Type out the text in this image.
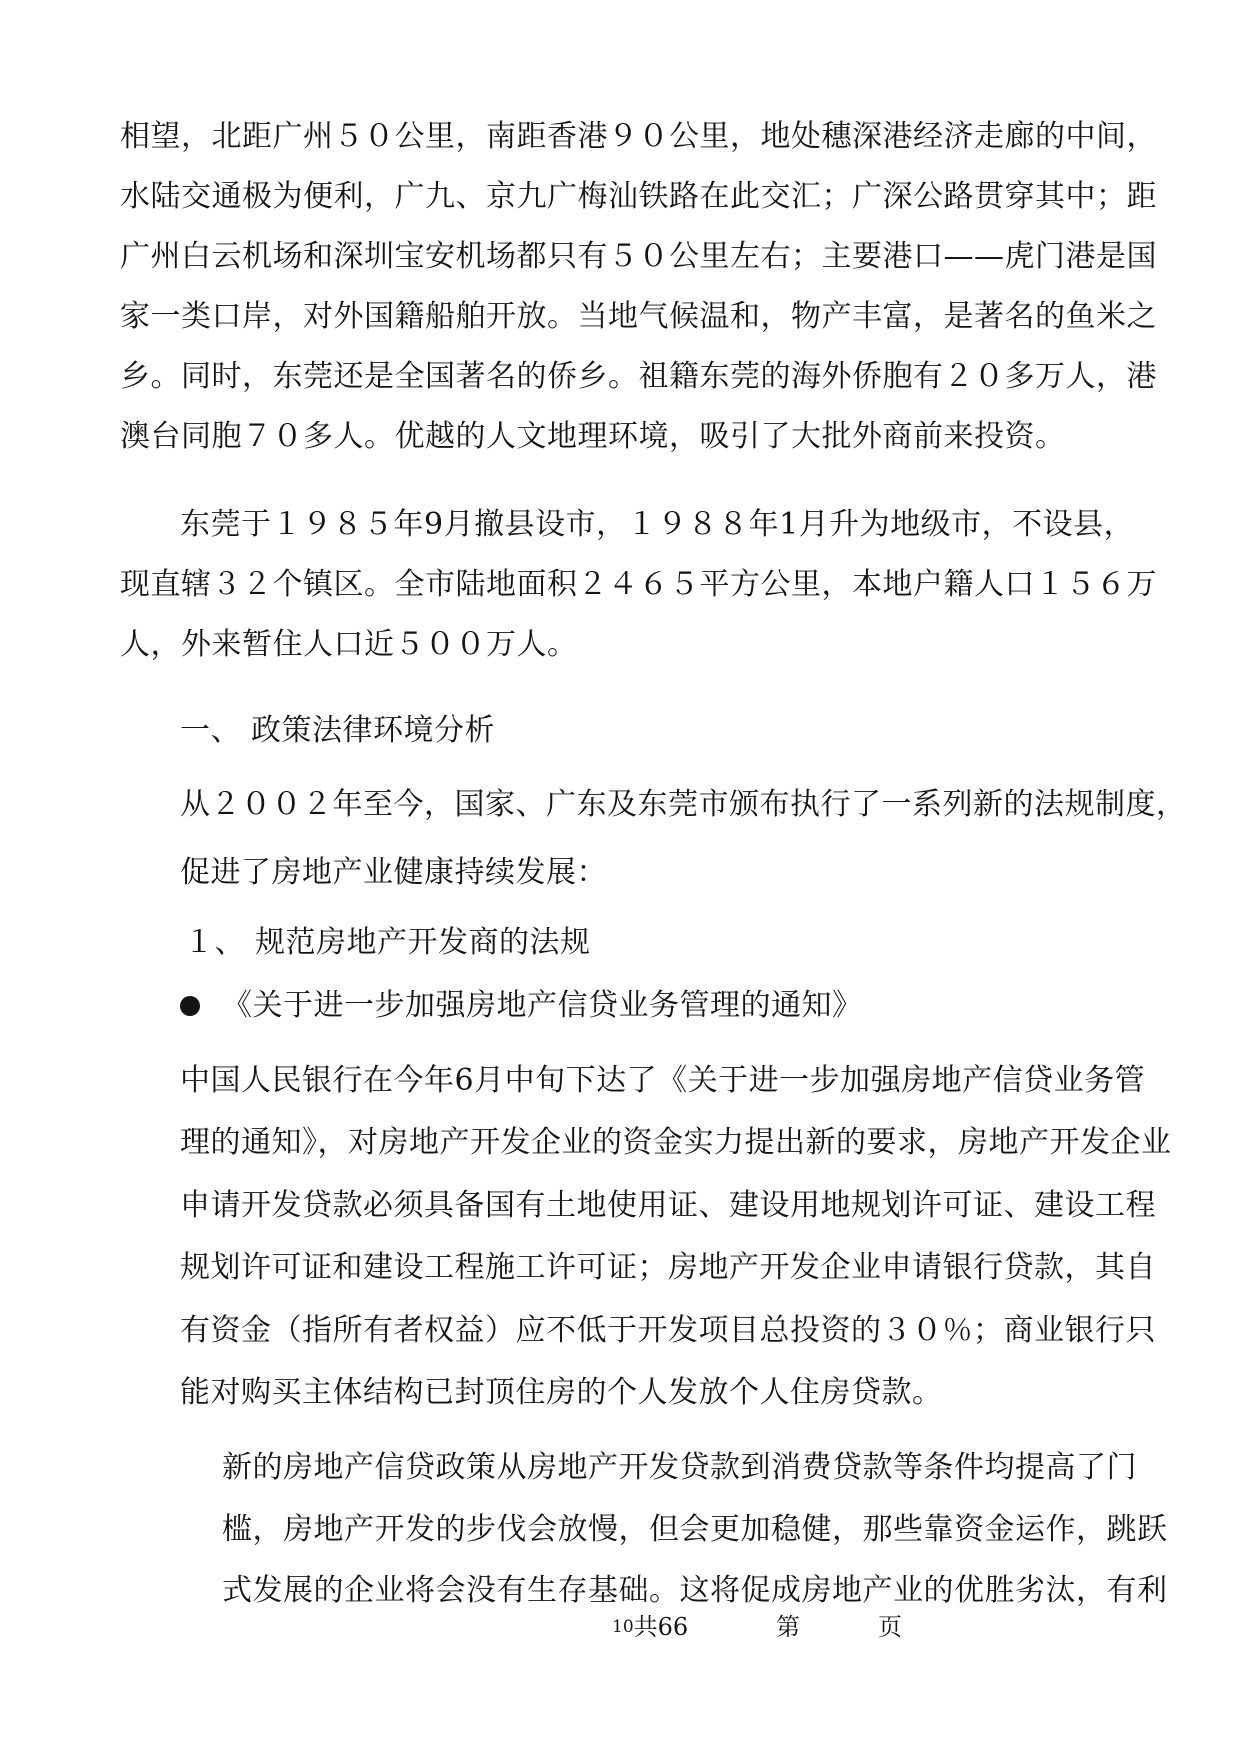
相望，北距广州５０公里，南距香港９０公里，地处穗深港经济走廊的中间，
水陆交通极为便利，广九、京九广梅汕铁路在此交汇；广深公路贯穿其中；距
广州白云机场和深圳宝安机场都只有５０公里左右；主要港口——虎门港是国
家一类口岸，对外国籍船舶开放。当地气候温和，物产丰富，是著名的鱼米之
乡。同时，东莞还是全国著名的侨乡。祖籍东莞的海外侨胞有２０多万人，港
澳台同胞７０多人。优越的人文地理环境，吸引了大批外商前来投资。
东莞于１９８５年9月撤县设市，１９８８年1月升为地级市，不设县，
现直辖３２个镇区。全市陆地面积２４６５平方公里，本地户籍人口１５６万
人，外来暂住人口近５００万人。
一、 政策法律环境分析
从２００２年至今，国家、广东及东莞市颁布执行了一系列新的法规制度，
促进了房地产业健康持续发展：
１、 规范房地产开发商的法规
《关于进一步加强房地产信贷业务管理的通知》
中国人民银行在今年6月中旬下达了《关于进一步加强房地产信贷业务管
理的通知》，对房地产开发企业的资金实力提出新的要求，房地产开发企业
申请开发贷款必须具备国有土地使用证、建设用地规划许可证、建设工程
规划许可证和建设工程施工许可证；房地产开发企业申请银行贷款，其自
有资金（指所有者权益）应不低于开发项目总投资的３０％；商业银行只
能对购买主体结构已封顶住房的个人发放个人住房贷款。
新的房地产信贷政策从房地产开发贷款到消费贷款等条件均提高了门
槛，房地产开发的步伐会放慢，但会更加稳健，那些靠资金运作，跳跃
式发展的企业将会没有生存基础。这将促成房地产业的优胜劣汰，有利
$^{10}$共66	第	页
